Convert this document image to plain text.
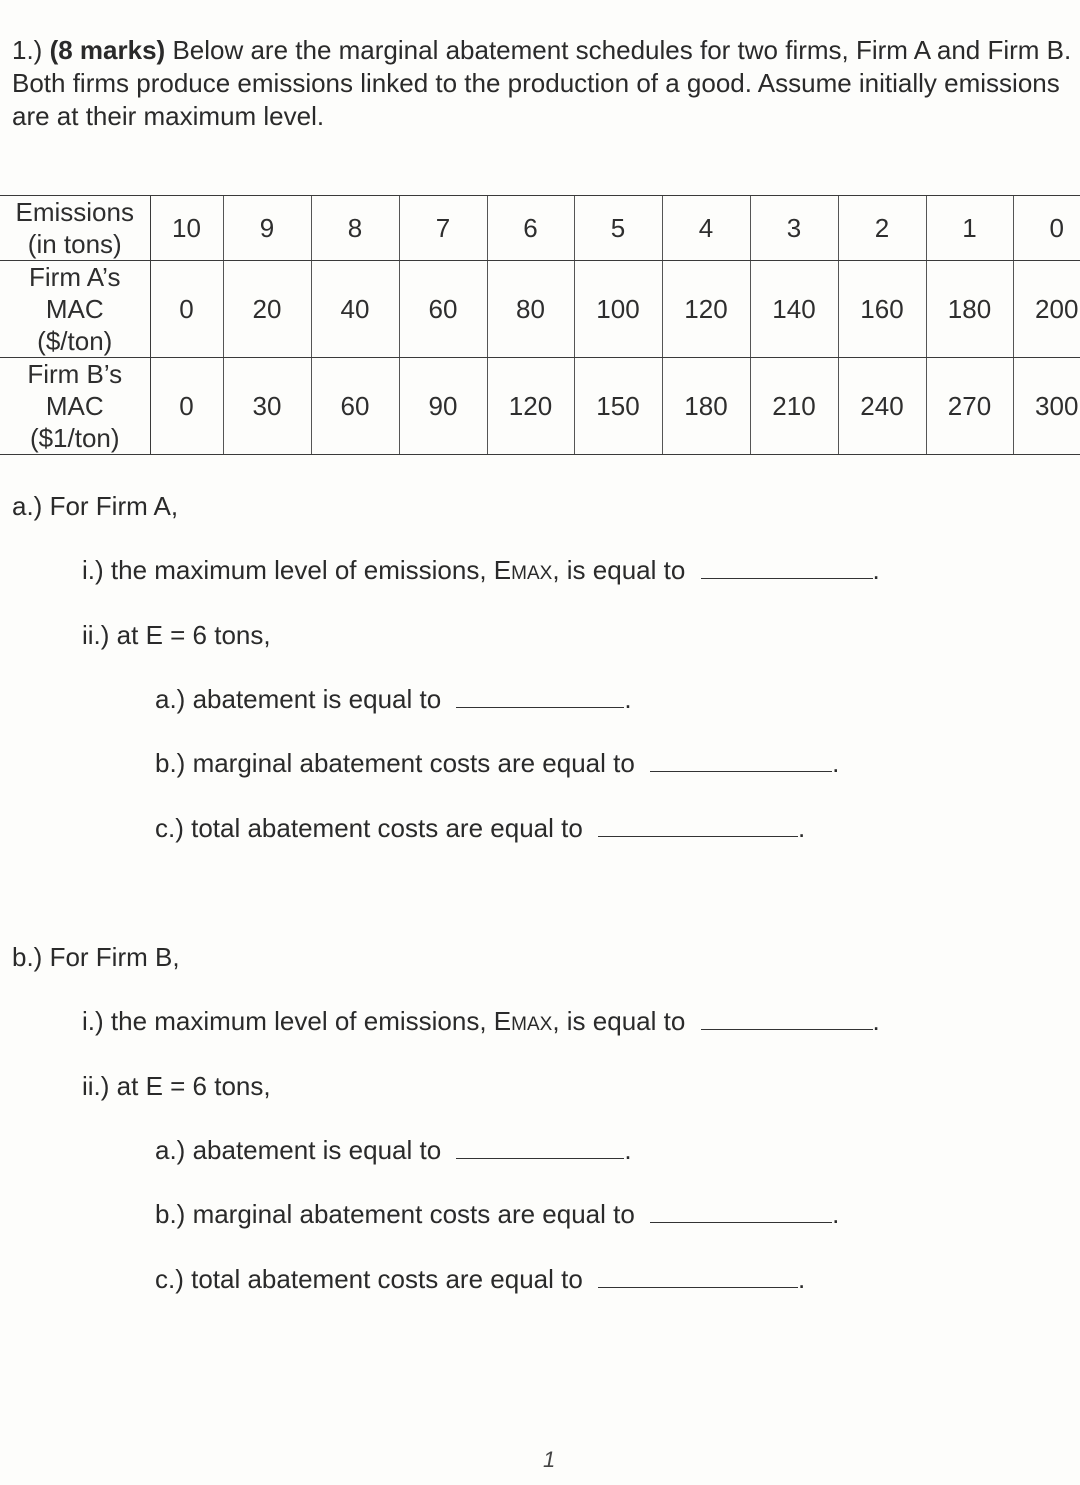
1.) (8 marks) Below are the marginal abatement schedules for two firms, Firm A and Firm B. Both firms produce emissions linked to the production of a good. Assume initially emissions are at their maximum level.

Emissions
(in tons)	10	9	8	7	6	5	4	3	2	1	0

Firm A’s
MAC
($/ton)	0	20	40	60	80	100	120	140	160	180	200

Firm B’s
MAC
($1/ton)	0	30	60	90	120	150	180	210	240	270	300

a.) For Firm A,

i.) the maximum level of emissions, EMAX, is equal to	.

ii.) at E = 6 tons,

a.) abatement is equal to	.

b.) marginal abatement costs are equal to	.

c.) total abatement costs are equal to	.

b.) For Firm B,

i.) the maximum level of emissions, EMAX, is equal to	.

ii.) at E = 6 tons,

a.) abatement is equal to	.

b.) marginal abatement costs are equal to	.

c.) total abatement costs are equal to	.

1
